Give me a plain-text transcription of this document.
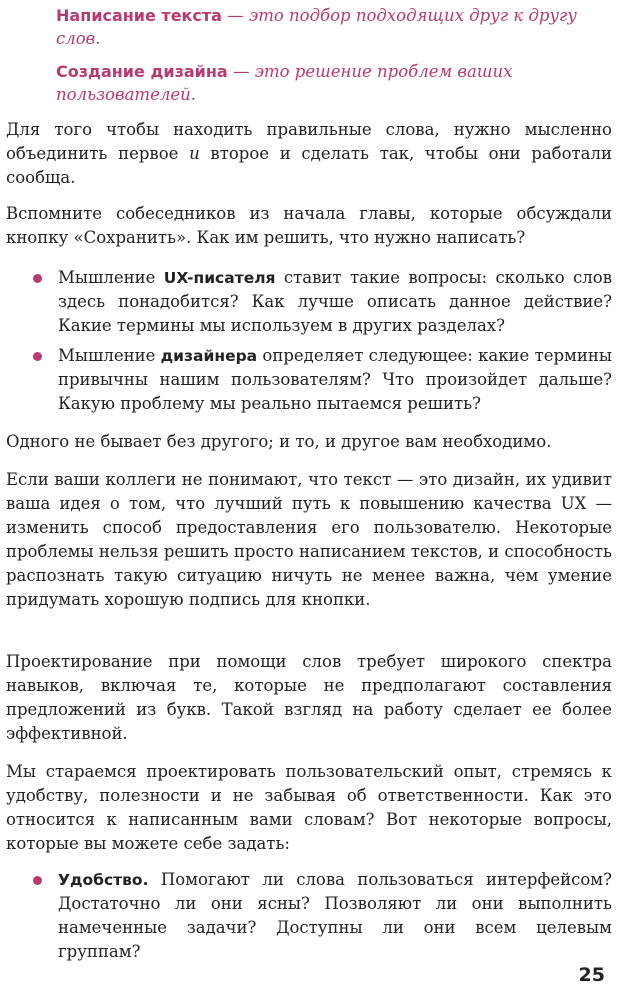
Написание текста — это подбор подходящих друг к другу слов.

Создание дизайна — это решение проблем ваших пользователей.

Для того чтобы находить правильные слова, нужно мысленно объединить первое и второе и сделать так, чтобы они работали сообща.

Вспомните собеседников из начала главы, которые обсуждали кнопку «Сохранить». Как им решить, что нужно написать?

Мышление UX-писателя ставит такие вопросы: сколько слов здесь понадобится? Как лучше описать данное действие? Какие термины мы используем в других разделах?

Мышление дизайнера определяет следующее: какие термины привычны нашим пользователям? Что произойдет дальше? Какую проблему мы реально пытаемся решить?

Одного не бывает без другого; и то, и другое вам необходимо.

Если ваши коллеги не понимают, что текст — это дизайн, их удивит ваша идея о том, что лучший путь к повышению качества UX — изменить способ предоставления его пользователю. Некоторые проблемы нельзя решить просто написанием текстов, и способность распознать такую ситуацию ничуть не менее важна, чем умение придумать хорошую подпись для кнопки.

Проектирование при помощи слов требует широкого спектра навыков, включая те, которые не предполагают составления предложений из букв. Такой взгляд на работу сделает ее более эффективной.

Мы стараемся проектировать пользовательский опыт, стремясь к удобству, полезности и не забывая об ответственности. Как это относится к написанным вами словам? Вот некоторые вопросы, которые вы можете себе задать:

Удобство. Помогают ли слова пользоваться интерфейсом? Достаточно ли они ясны? Позволяют ли они выполнить намеченные задачи? Доступны ли они всем целевым группам?

25
